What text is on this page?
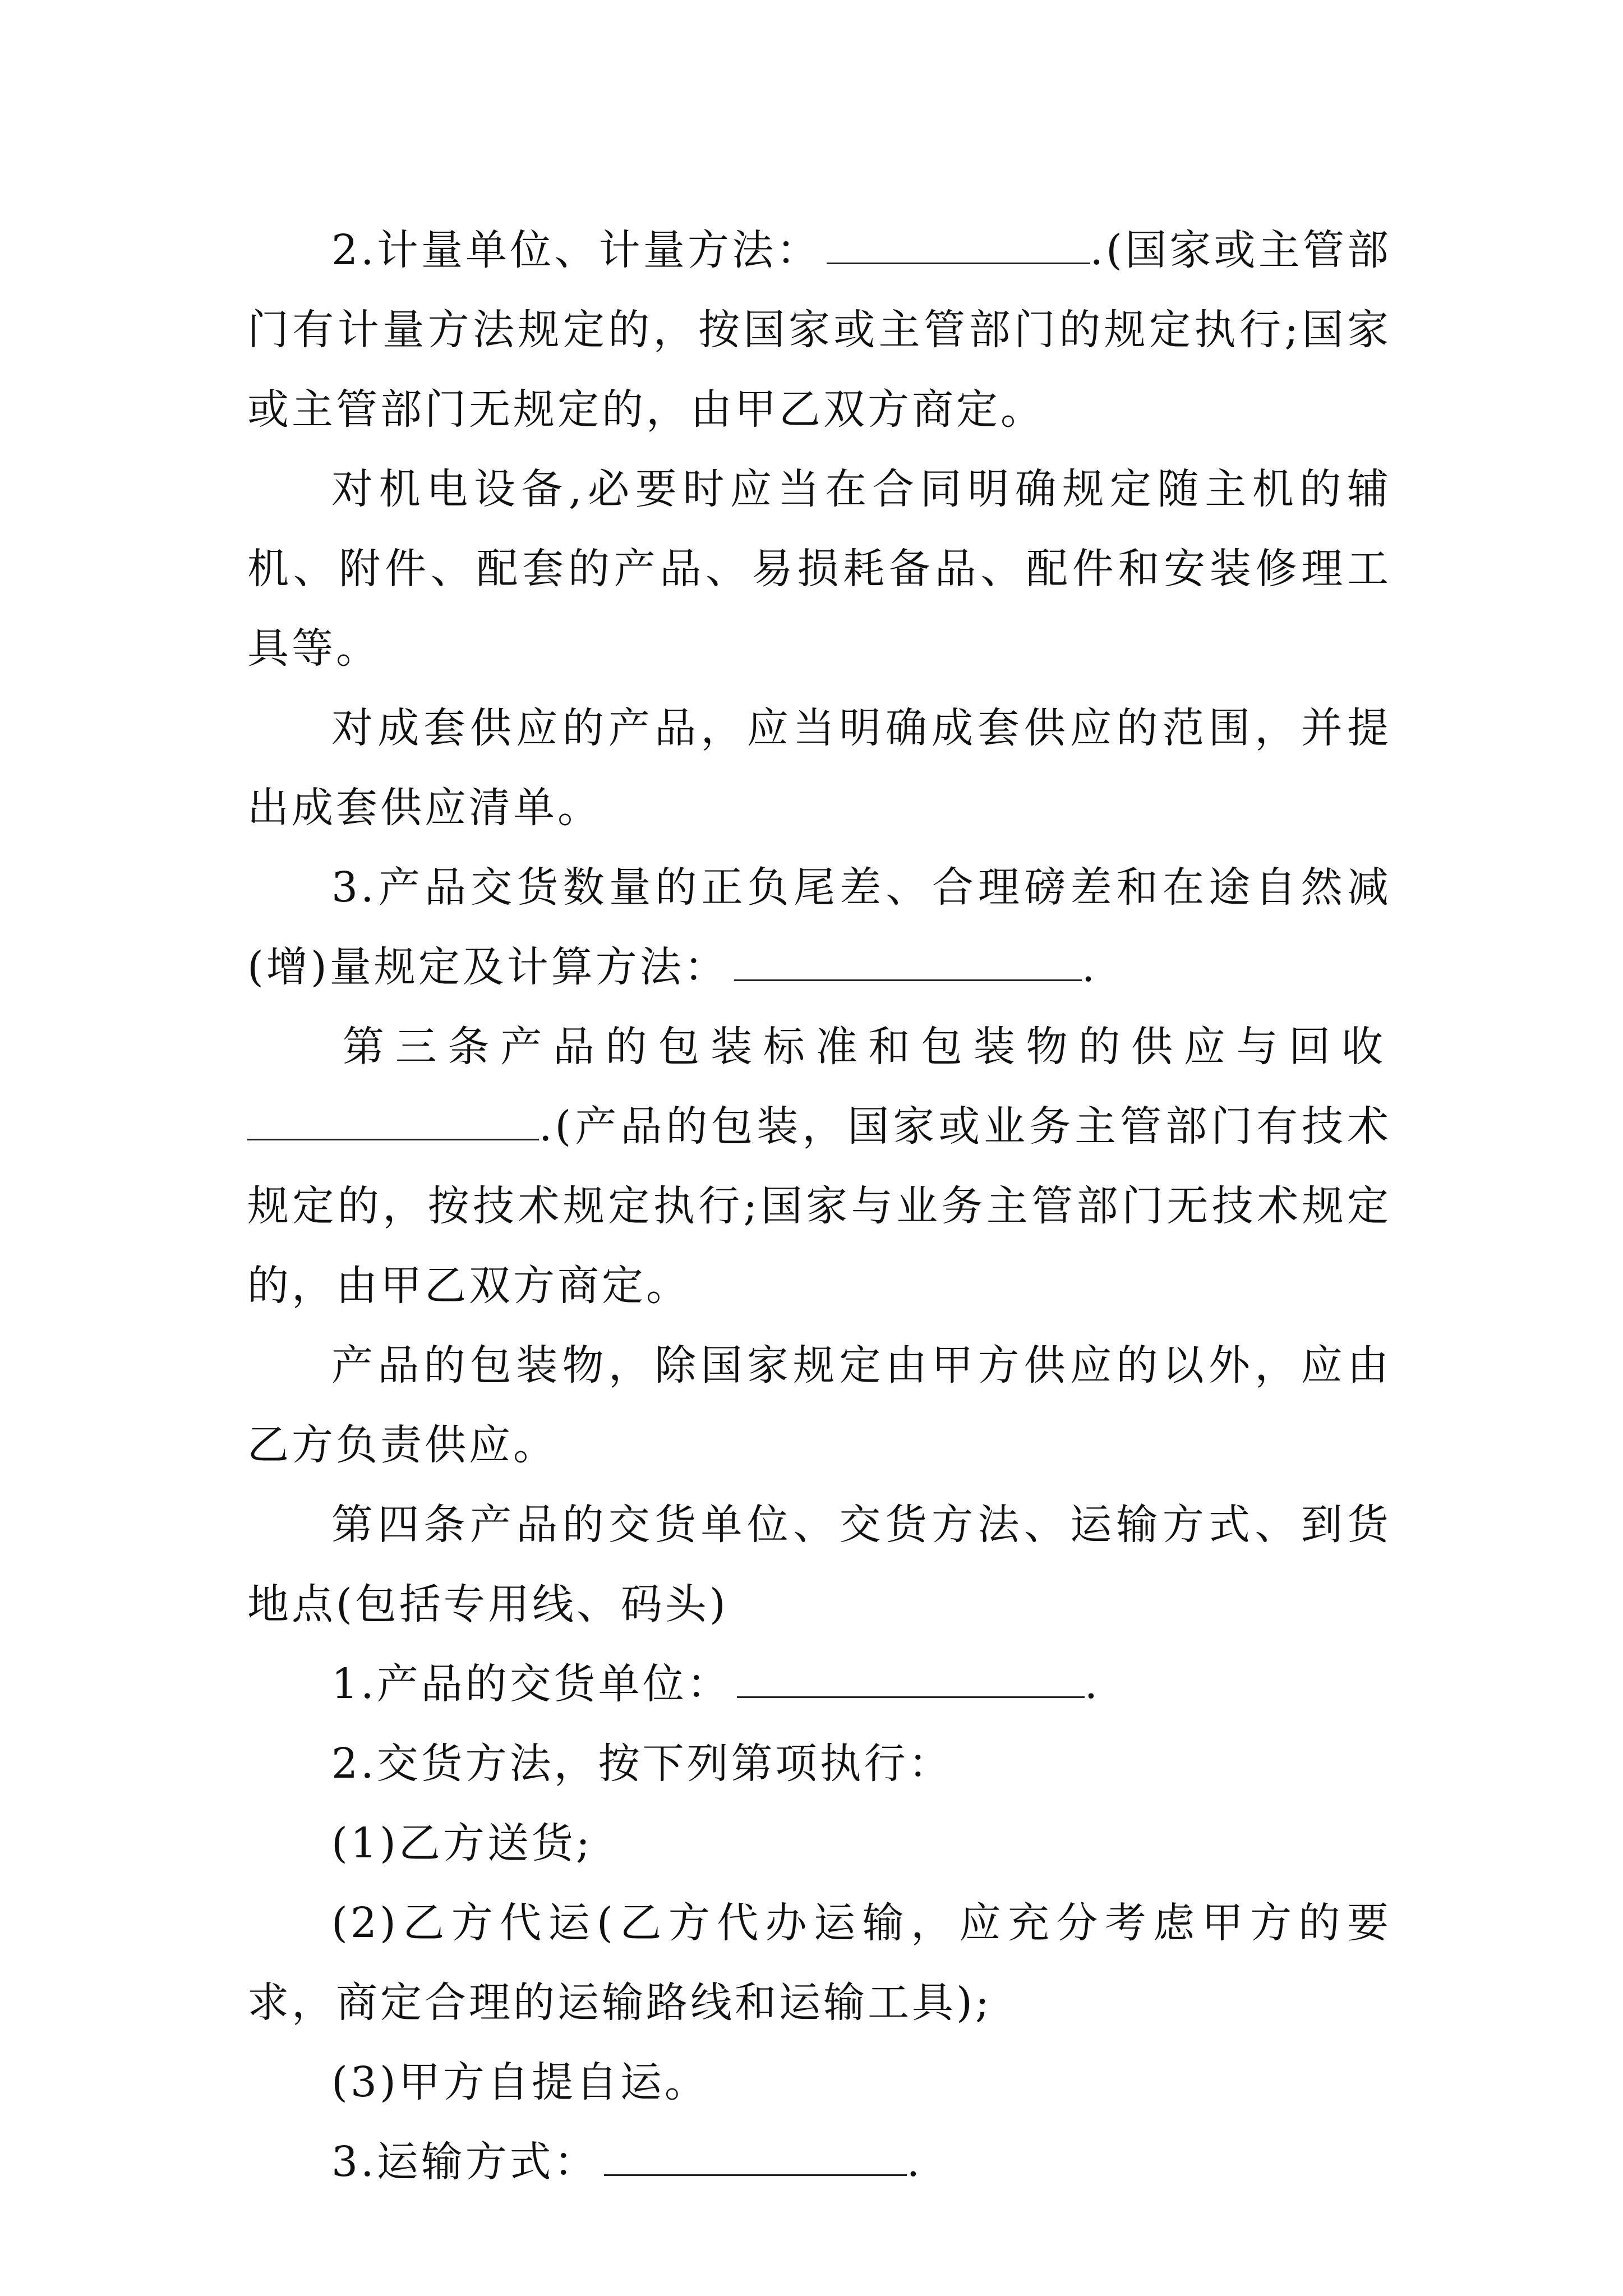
2.计量单位、计量方法：	.(国家或主管部门有计量方法规定的，按国家或主管部门的规定执行;国家或主管部门无规定的，由甲乙双方商定。

对机电设备,必要时应当在合同明确规定随主机的辅机、附件、配套的产品、易损耗备品、配件和安装修理工具等。

对成套供应的产品，应当明确成套供应的范围，并提出成套供应清单。

3.产品交货数量的正负尾差、合理磅差和在途自然减(增)量规定及计算方法：	.

第三条产品的包装标准和包装物的供应与回收.(产品的包装，国家或业务主管部门有技术规定的，按技术规定执行;国家与业务主管部门无技术规定的，由甲乙双方商定。

产品的包装物，除国家规定由甲方供应的以外，应由乙方负责供应。

第四条产品的交货单位、交货方法、运输方式、到货地点(包括专用线、码头)

1.产品的交货单位：	.

2.交货方法，按下列第项执行：

(1)乙方送货;

(2)乙方代运(乙方代办运输，应充分考虑甲方的要求，商定合理的运输路线和运输工具);

(3)甲方自提自运。

3.运输方式：	.
